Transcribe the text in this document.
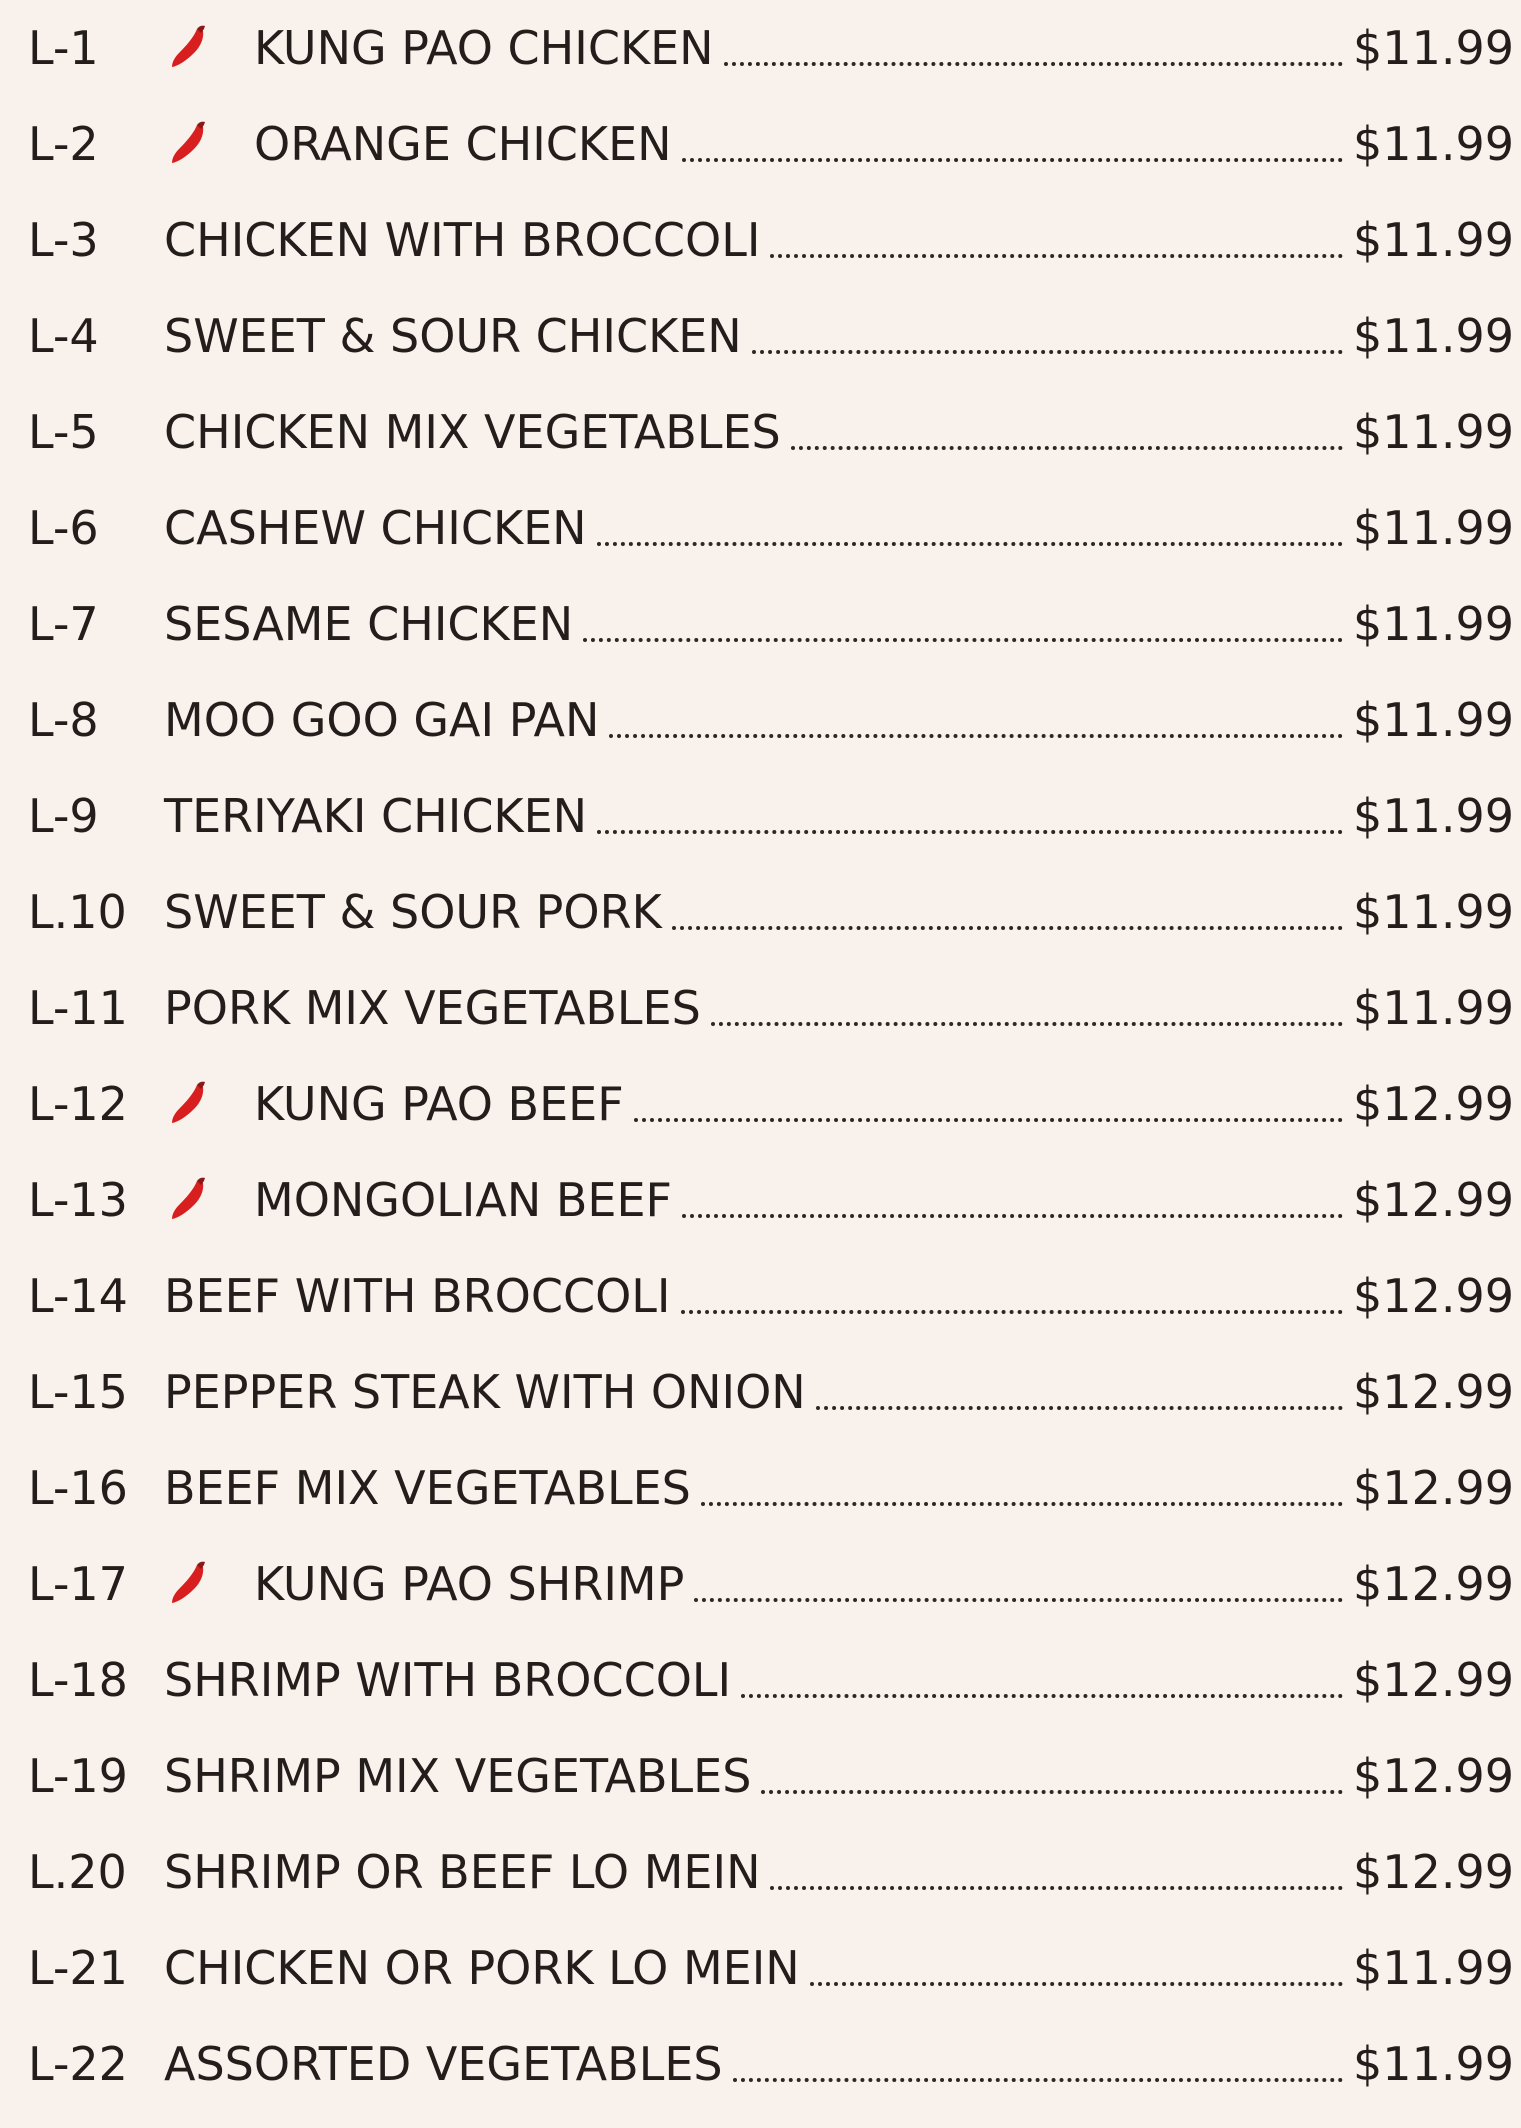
L-1	KUNG PAO CHICKEN	$11.99
L-2	ORANGE CHICKEN	$11.99
L-3	CHICKEN WITH BROCCOLI	$11.99
L-4	SWEET & SOUR CHICKEN	$11.99
L-5	CHICKEN MIX VEGETABLES	$11.99
L-6	CASHEW CHICKEN	$11.99
L-7	SESAME CHICKEN	$11.99
L-8	MOO GOO GAI PAN	$11.99
L-9	TERIYAKI CHICKEN	$11.99
L.10 SWEET & SOUR PORK	$11.99
L-11 PORK MIX VEGETABLES	$11.99
L-12	KUNG PAO BEEF	$12.99
L-13	MONGOLIAN BEEF	$12.99
L-14 BEEF WITH BROCCOLI	$12.99
L-15 PEPPER STEAK WITH ONION	$12.99
L-16 BEEF MIX VEGETABLES	$12.99
L-17	KUNG PAO SHRIMP	$12.99
L-18 SHRIMP WITH BROCCOLI	$12.99
L-19 SHRIMP MIX VEGETABLES	$12.99
L.20 SHRIMP OR BEEF LO MEIN	$12.99
L-21 CHICKEN OR PORK LO MEIN	$11.99
L-22 ASSORTED VEGETABLES	$11.99
